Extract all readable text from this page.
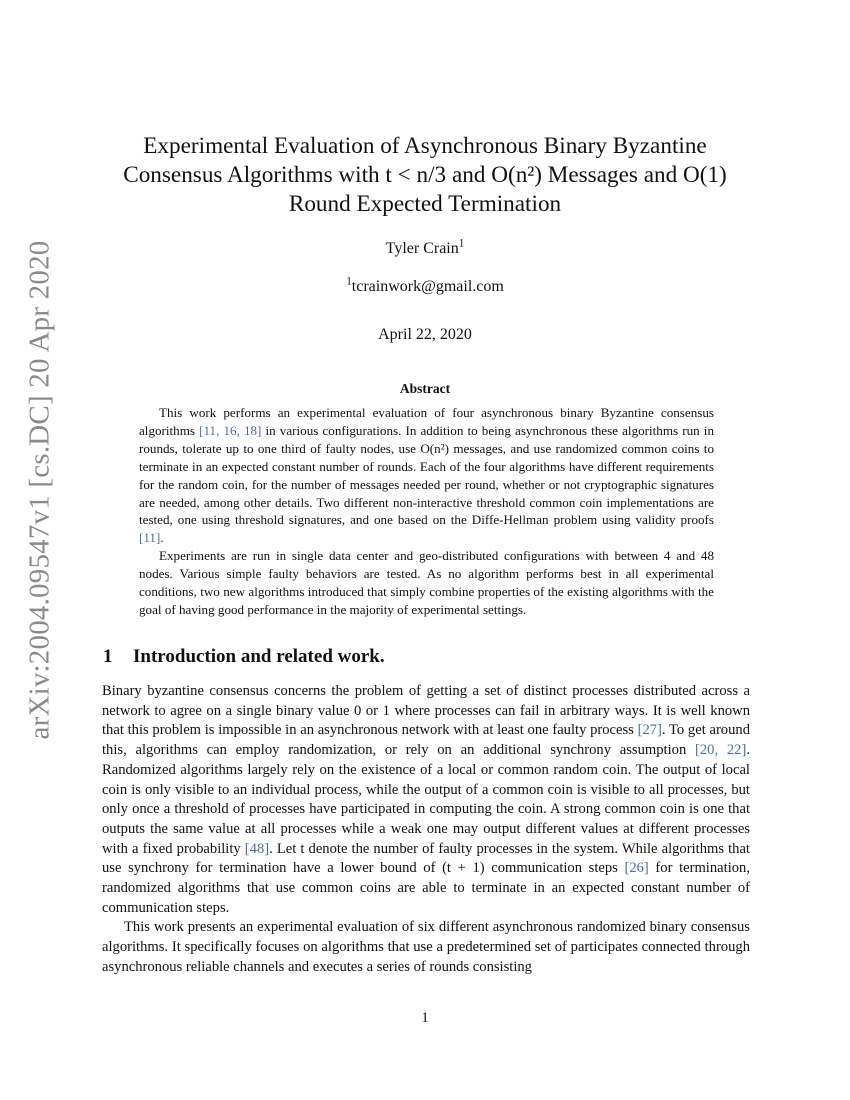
arXiv:2004.09547v1 [cs.DC] 20 Apr 2020

Experimental Evaluation of Asynchronous Binary Byzantine

Consensus Algorithms with t < n/3 and O(n²) Messages and O(1)

Round Expected Termination

Tyler Crain$^1$
$^1$tcrainwork@gmail.com
April 22, 2020
Abstract

This work performs an experimental evaluation of four asynchronous binary Byzantine consensus algorithms [11, 16, 18] in various configurations. In addition to being asynchronous these algorithms run in rounds, tolerate up to one third of faulty nodes, use O(n²) messages, and use randomized common coins to terminate in an expected constant number of rounds. Each of the four algorithms have different requirements for the random coin, for the number of messages needed per round, whether or not cryptographic signatures are needed, among other details. Two different non-interactive threshold common coin implementations are tested, one using threshold signatures, and one based on the Diffe-Hellman problem using validity proofs [11].

Experiments are run in single data center and geo-distributed configurations with between 4 and 48 nodes. Various simple faulty behaviors are tested. As no algorithm performs best in all experimental conditions, two new algorithms introduced that simply combine properties of the existing algorithms with the goal of having good performance in the majority of experimental settings.

1 Introduction and related work.

Binary byzantine consensus concerns the problem of getting a set of distinct processes distributed across a network to agree on a single binary value 0 or 1 where processes can fail in arbitrary ways. It is well known that this problem is impossible in an asynchronous network with at least one faulty process [27]. To get around this, algorithms can employ randomization, or rely on an additional synchrony assumption [20, 22]. Randomized algorithms largely rely on the existence of a local or common random coin. The output of local coin is only visible to an individual process, while the output of a common coin is visible to all processes, but only once a threshold of processes have participated in computing the coin. A strong common coin is one that outputs the same value at all processes while a weak one may output different values at different processes with a fixed probability [48]. Let t denote the number of faulty processes in the system. While algorithms that use synchrony for termination have a lower bound of (t + 1) communication steps [26] for termination, randomized algorithms that use common coins are able to terminate in an expected constant number of communication steps.

This work presents an experimental evaluation of six different asynchronous randomized binary consensus algorithms. It specifically focuses on algorithms that use a predetermined set of participates connected through asynchronous reliable channels and executes a series of rounds consisting

1
